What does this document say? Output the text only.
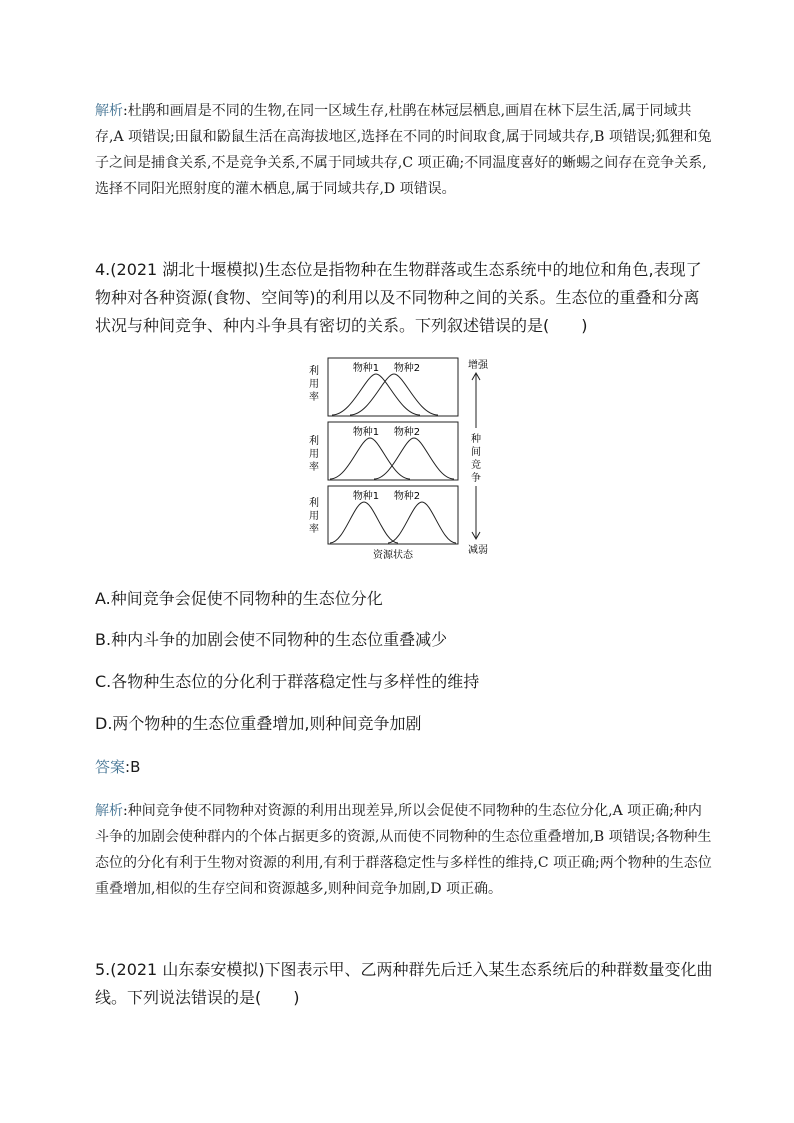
解析:杜鹃和画眉是不同的生物,在同一区域生存,杜鹃在林冠层栖息,画眉在林下层生活,属于同域共存,A 项错误;田鼠和鼢鼠生活在高海拔地区,选择在不同的时间取食,属于同域共存,B 项错误;狐狸和兔子之间是捕食关系,不是竞争关系,不属于同域共存,C 项正确;不同温度喜好的蜥蜴之间存在竞争关系,选择不同阳光照射度的灌木栖息,属于同域共存,D 项错误。
4.(2021 湖北十堰模拟)生态位是指物种在生物群落或生态系统中的地位和角色,表现了物种对各种资源(食物、空间等)的利用以及不同物种之间的关系。生态位的重叠和分离状况与种间竞争、种内斗争具有密切的关系。下列叙述错误的是(　　)
利
用
率
利
用
率
利
用
率
物种1 物种2
物种1 物种2
物种1 物种2
资源状态
增强
种
间
竞
争
减弱
A.种间竞争会促使不同物种的生态位分化
B.种内斗争的加剧会使不同物种的生态位重叠减少
C.各物种生态位的分化利于群落稳定性与多样性的维持
D.两个物种的生态位重叠增加,则种间竞争加剧
答案:B
解析:种间竞争使不同物种对资源的利用出现差异,所以会促使不同物种的生态位分化,A 项正确;种内斗争的加剧会使种群内的个体占据更多的资源,从而使不同物种的生态位重叠增加,B 项错误;各物种生态位的分化有利于生物对资源的利用,有利于群落稳定性与多样性的维持,C 项正确;两个物种的生态位重叠增加,相似的生存空间和资源越多,则种间竞争加剧,D 项正确。
5.(2021 山东泰安模拟)下图表示甲、乙两种群先后迁入某生态系统后的种群数量变化曲线。下列说法错误的是(　　)
